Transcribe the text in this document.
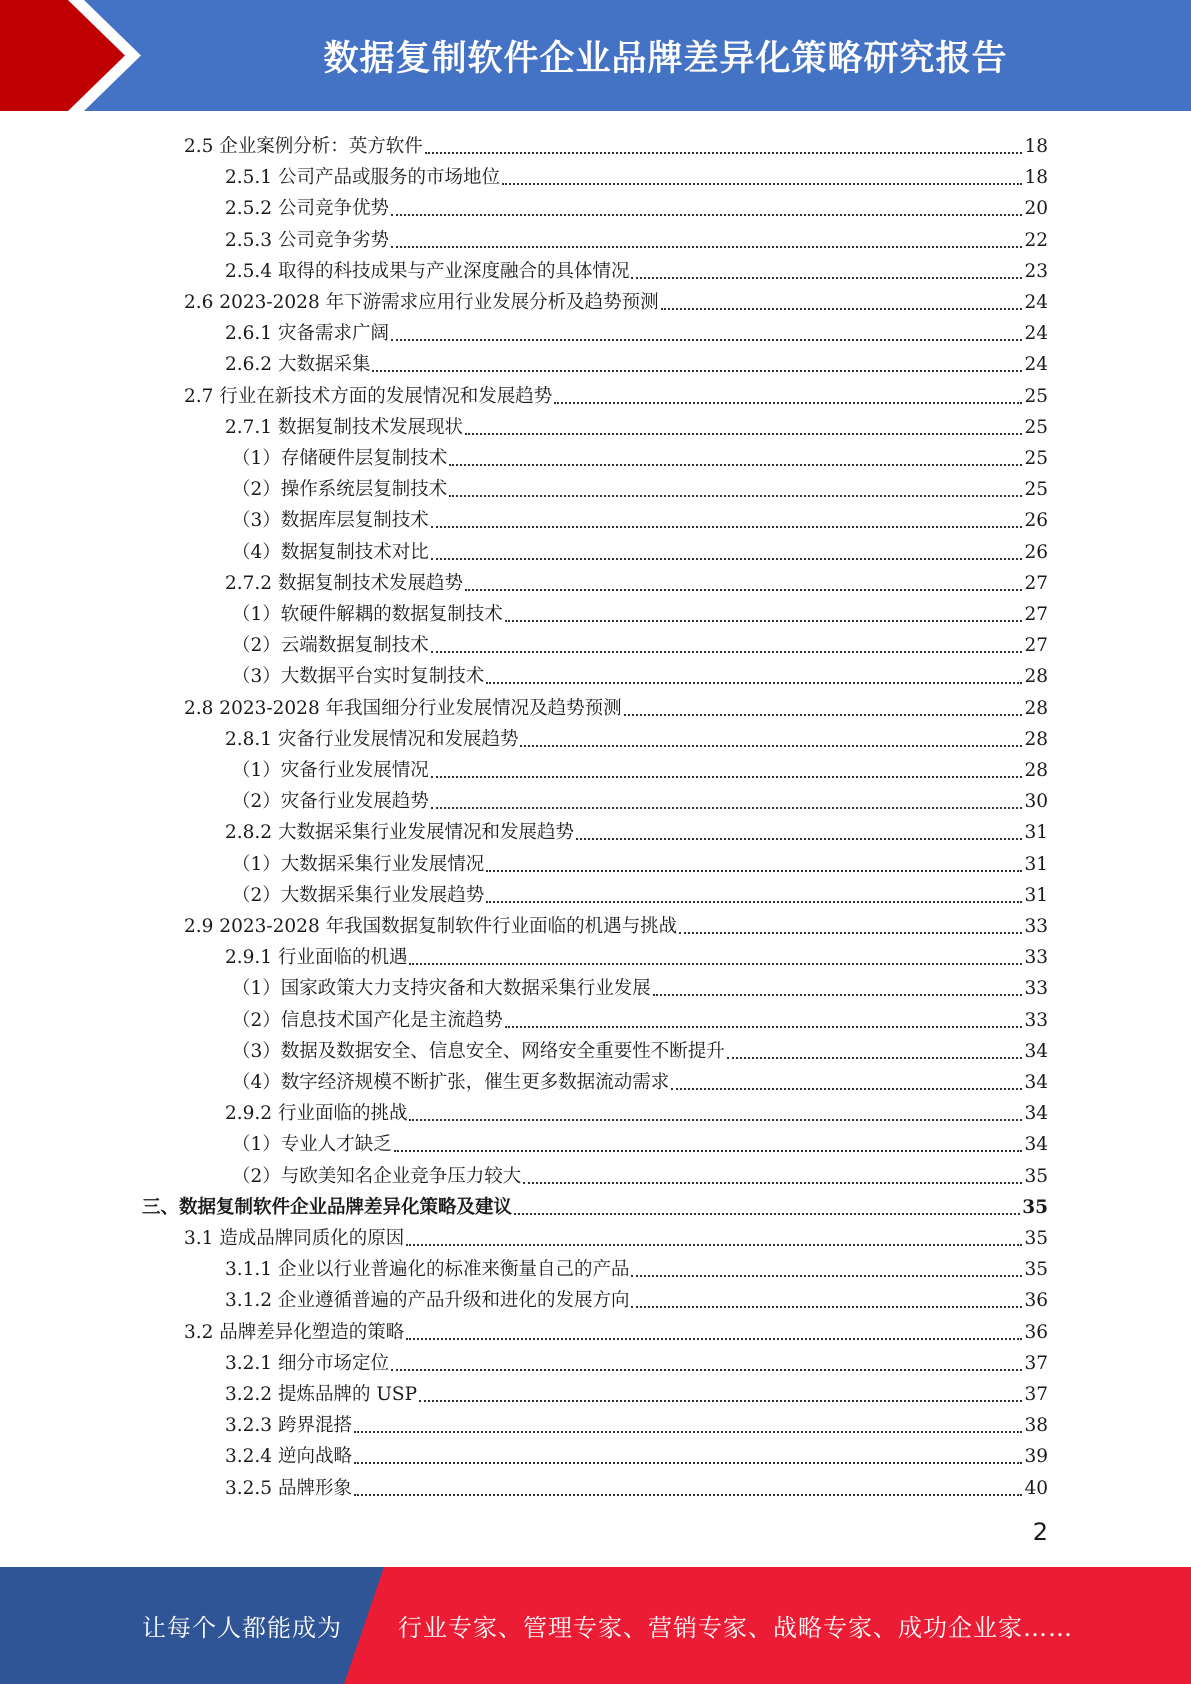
数据复制软件企业品牌差异化策略研究报告
2.5 企业案例分析：英方软件	18
2.5.1 公司产品或服务的市场地位	18
2.5.2 公司竞争优势	20
2.5.3 公司竞争劣势	22
2.5.4 取得的科技成果与产业深度融合的具体情况	23
2.6 2023-2028 年下游需求应用行业发展分析及趋势预测	24
2.6.1 灾备需求广阔	24
2.6.2 大数据采集	24
2.7 行业在新技术方面的发展情况和发展趋势	25
2.7.1 数据复制技术发展现状	25
（1）存储硬件层复制技术	25
（2）操作系统层复制技术	25
（3）数据库层复制技术	26
（4）数据复制技术对比	26
2.7.2 数据复制技术发展趋势	27
（1）软硬件解耦的数据复制技术	27
（2）云端数据复制技术	27
（3）大数据平台实时复制技术	28
2.8 2023-2028 年我国细分行业发展情况及趋势预测	28
2.8.1 灾备行业发展情况和发展趋势	28
（1）灾备行业发展情况	28
（2）灾备行业发展趋势	30
2.8.2 大数据采集行业发展情况和发展趋势	31
（1）大数据采集行业发展情况	31
（2）大数据采集行业发展趋势	31
2.9 2023-2028 年我国数据复制软件行业面临的机遇与挑战	33
2.9.1 行业面临的机遇	33
（1）国家政策大力支持灾备和大数据采集行业发展	33
（2）信息技术国产化是主流趋势	33
（3）数据及数据安全、信息安全、网络安全重要性不断提升	34
（4）数字经济规模不断扩张，催生更多数据流动需求	34
2.9.2 行业面临的挑战	34
（1）专业人才缺乏	34
（2）与欧美知名企业竞争压力较大	35
三、数据复制软件企业品牌差异化策略及建议	35
3.1 造成品牌同质化的原因	35
3.1.1 企业以行业普遍化的标准来衡量自己的产品	35
3.1.2 企业遵循普遍的产品升级和进化的发展方向	36
3.2 品牌差异化塑造的策略	36
3.2.1 细分市场定位	37
3.2.2 提炼品牌的 USP	37
3.2.3 跨界混搭	38
3.2.4 逆向战略	39
3.2.5 品牌形象	40
2
让每个人都能成为 行业专家、管理专家、营销专家、战略专家、成功企业家……
